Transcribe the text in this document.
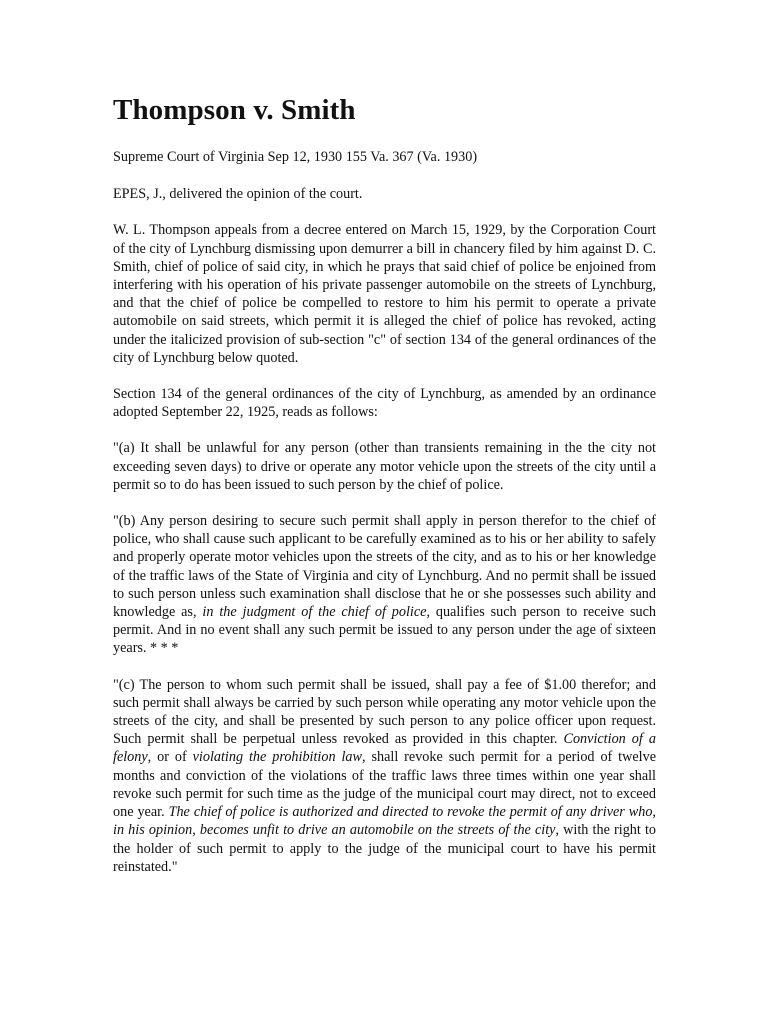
Thompson v. Smith

Supreme Court of Virginia Sep 12, 1930 155 Va. 367 (Va. 1930)

EPES, J., delivered the opinion of the court.

W. L. Thompson appeals from a decree entered on March 15, 1929, by the Corporation Court of the city of Lynchburg dismissing upon demurrer a bill in chancery filed by him against D. C. Smith, chief of police of said city, in which he prays that said chief of police be enjoined from interfering with his operation of his private passenger automobile on the streets of Lynchburg, and that the chief of police be compelled to restore to him his permit to operate a private automobile on said streets, which permit it is alleged the chief of police has revoked, acting under the italicized provision of sub-section "c" of section 134 of the general ordinances of the city of Lynchburg below quoted.

Section 134 of the general ordinances of the city of Lynchburg, as amended by an ordinance adopted September 22, 1925, reads as follows:

"(a) It shall be unlawful for any person (other than transients remaining in the the city not exceeding seven days) to drive or operate any motor vehicle upon the streets of the city until a permit so to do has been issued to such person by the chief of police.

"(b) Any person desiring to secure such permit shall apply in person therefor to the chief of police, who shall cause such applicant to be carefully examined as to his or her ability to safely and properly operate motor vehicles upon the streets of the city, and as to his or her knowledge of the traffic laws of the State of Virginia and city of Lynchburg. And no permit shall be issued to such person unless such examination shall disclose that he or she possesses such ability and knowledge as, in the judgment of the chief of police, qualifies such person to receive such permit. And in no event shall any such permit be issued to any person under the age of sixteen years. * * *

"(c) The person to whom such permit shall be issued, shall pay a fee of $1.00 therefor; and such permit shall always be carried by such person while operating any motor vehicle upon the streets of the city, and shall be presented by such person to any police officer upon request. Such permit shall be perpetual unless revoked as provided in this chapter. Conviction of a felony, or of violating the prohibition law, shall revoke such permit for a period of twelve months and conviction of the violations of the traffic laws three times within one year shall revoke such permit for such time as the judge of the municipal court may direct, not to exceed one year. The chief of police is authorized and directed to revoke the permit of any driver who, in his opinion, becomes unfit to drive an automobile on the streets of the city, with the right to the holder of such permit to apply to the judge of the municipal court to have his permit reinstated."
